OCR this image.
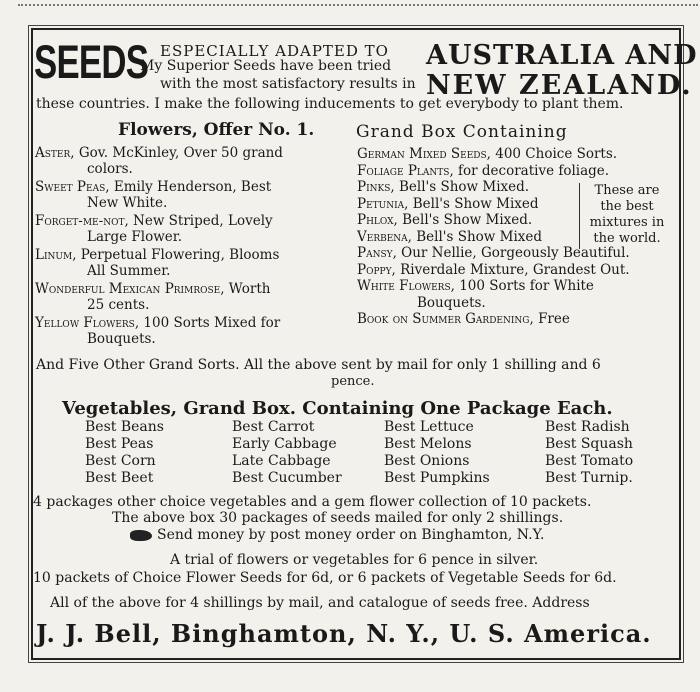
SEEDS ESPECIALLY ADAPTED TO
My Superior Seeds have been tried
with the most satisfactory results in
AUSTRALIA AND
NEW ZEALAND.
these countries. I make the following inducements to get everybody to plant them.
Flowers, Offer No. 1. Grand Box Containing

Aster, Gov. McKinley, Over 50 grand
colors.

Sweet Peas, Emily Henderson, Best
New White.

Forget-me-not, New Striped, Lovely
Large Flower.

Linum, Perpetual Flowering, Blooms
All Summer.

Wonderful Mexican Primrose, Worth
25 cents.

Yellow Flowers, 100 Sorts Mixed for
Bouquets.

German Mixed Seeds, 400 Choice Sorts.

Foliage Plants, for decorative foliage.

Pinks, Bell's Show Mixed.

Petunia, Bell's Show Mixed

Phlox, Bell's Show Mixed.

Verbena, Bell's Show Mixed

Pansy, Our Nellie, Gorgeously Beautiful.

Poppy, Riverdale Mixture, Grandest Out.

White Flowers, 100 Sorts for White
Bouquets.

Book on Summer Gardening, Free

These are
the best
mixtures in
the world.
And Five Other Grand Sorts. All the above sent by mail for only 1 shilling and 6
pence.
Vegetables, Grand Box. Containing One Package Each.
Best Beans
Best Peas
Best Corn
Best Beet
Best Carrot
Early Cabbage
Late Cabbage
Best Cucumber
Best Lettuce
Best Melons
Best Onions
Best Pumpkins
Best Radish
Best Squash
Best Tomato
Best Turnip.
4 packages other choice vegetables and a gem flower collection of 10 packets.
The above box 30 packages of seeds mailed for only 2 shillings.
Send money by post money order on Binghamton, N.Y.
A trial of flowers or vegetables for 6 pence in silver.
10 packets of Choice Flower Seeds for 6d, or 6 packets of Vegetable Seeds for 6d.
All of the above for 4 shillings by mail, and catalogue of seeds free. Address
J. J. Bell, Binghamton, N. Y., U. S. America.
